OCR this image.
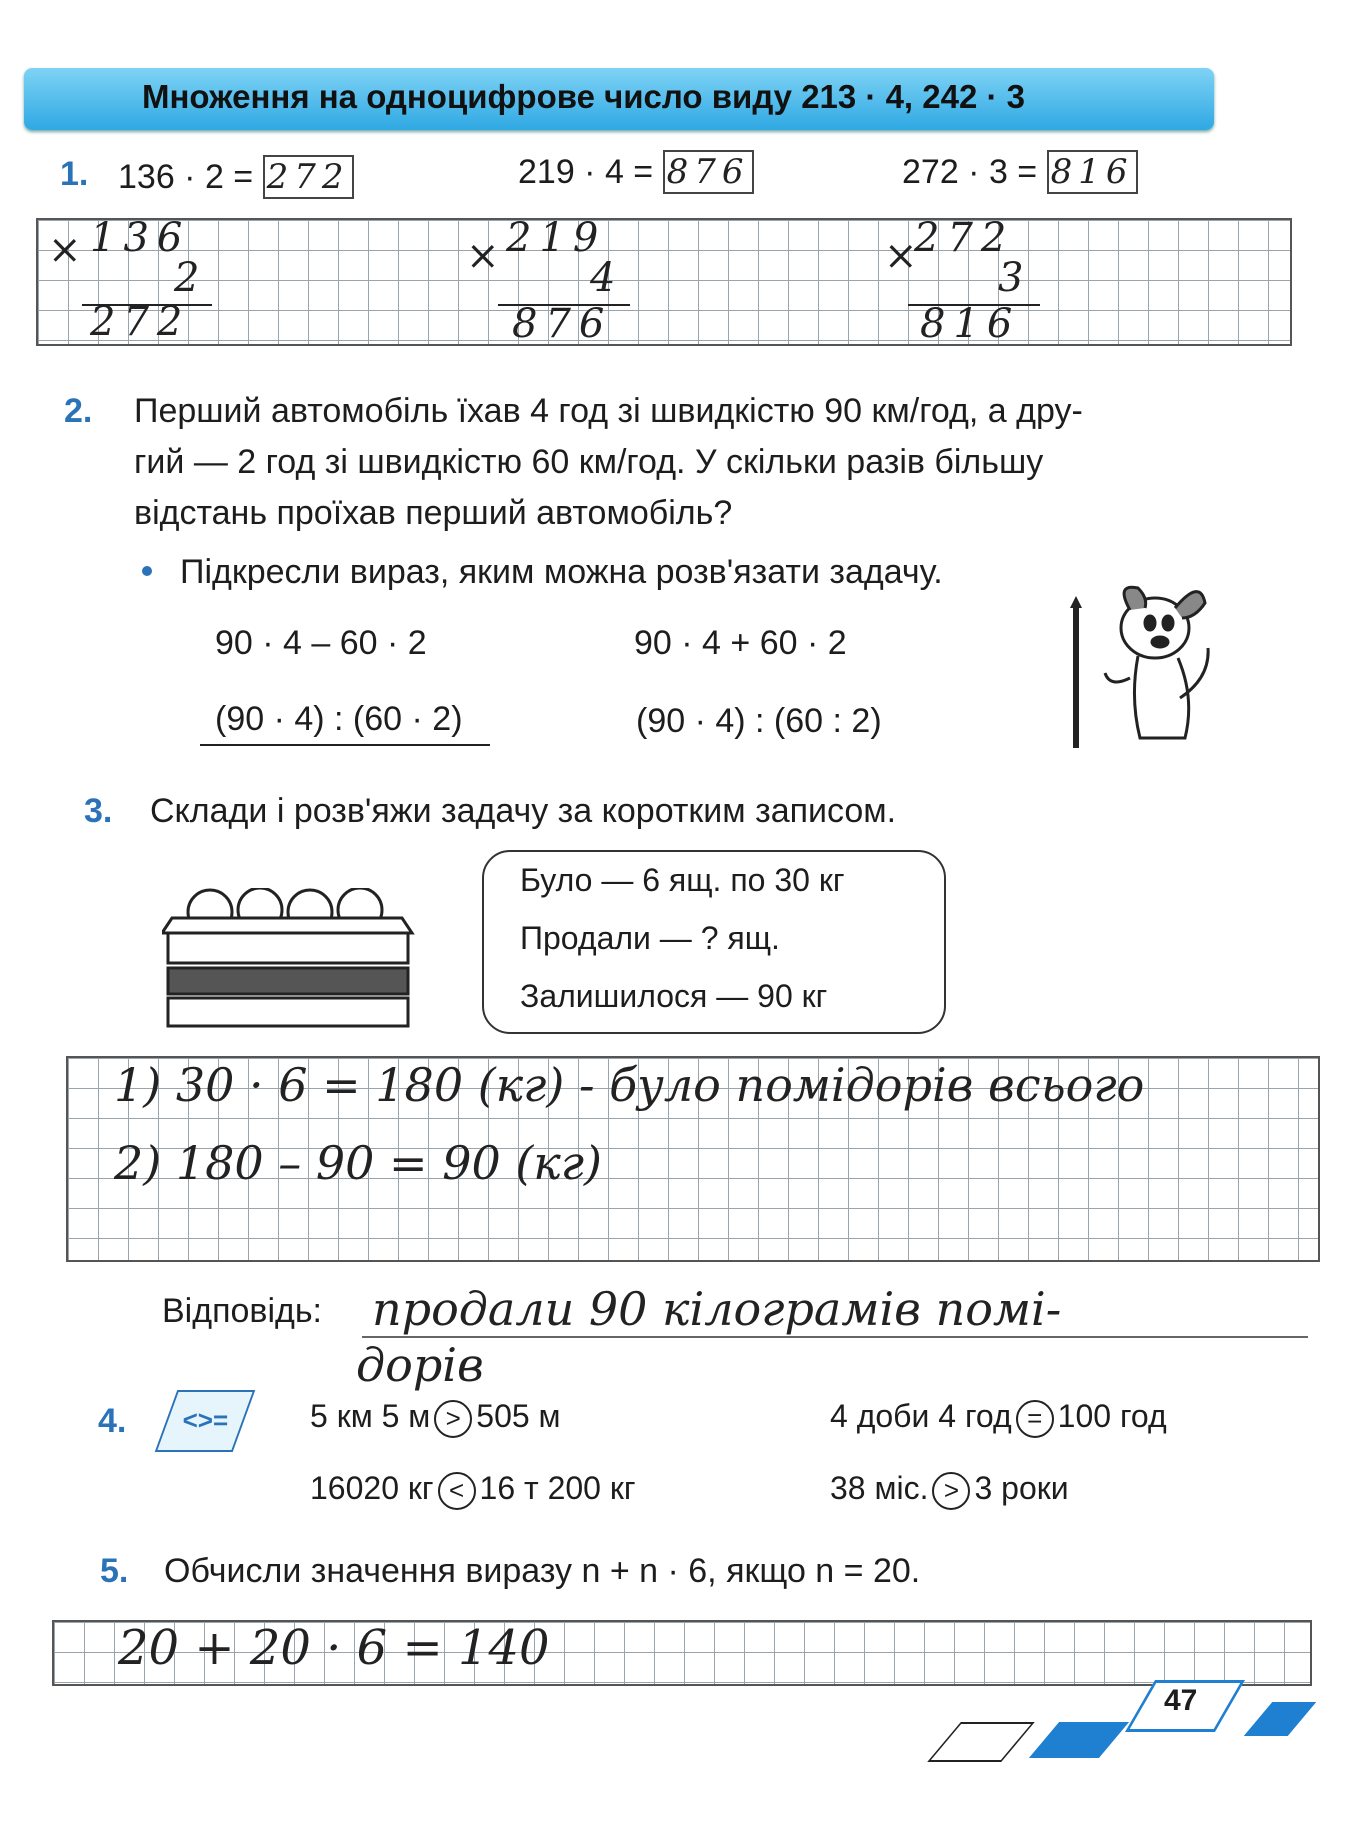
Множення на одноцифрове число виду 213 · 4, 242 · 3
1. 136 · 2 = 272	219 · 4 = 876	272 · 3 = 816
× 136
2
272
× 219
4
876
×
272
3
816
2. Перший автомобіль їхав 4 год зі швидкістю 90 км/год, а дру-
гий — 2 год зі швидкістю 60 км/год. У скільки разів більшу
відстань проїхав перший автомобіль?
Підкресли вираз, яким можна розв'язати задачу.
90 · 4 – 60 · 2	90 · 4 + 60 · 2
(90 · 4) : (60 · 2)	(90 · 4) : (60 : 2)
3. Склади і розв'яжи задачу за коротким записом.
Було — 6 ящ. по 30 кг
Продали — ? ящ.
Залишилося — 90 кг
1) 30 · 6 = 180 (кг) - було помідорів всього
2) 180 – 90 = 90 (кг)
Відповідь: продали 90 кілограмів помі-
дорів
4.	<>=	5 км 5 м > 505 м	4 доби 4 год = 100 год
16020 кг < 16 т 200 кг	38 міс. > 3 роки
5. Обчисли значення виразу n + n · 6, якщо n = 20.
20 + 20 · 6 = 140
47
